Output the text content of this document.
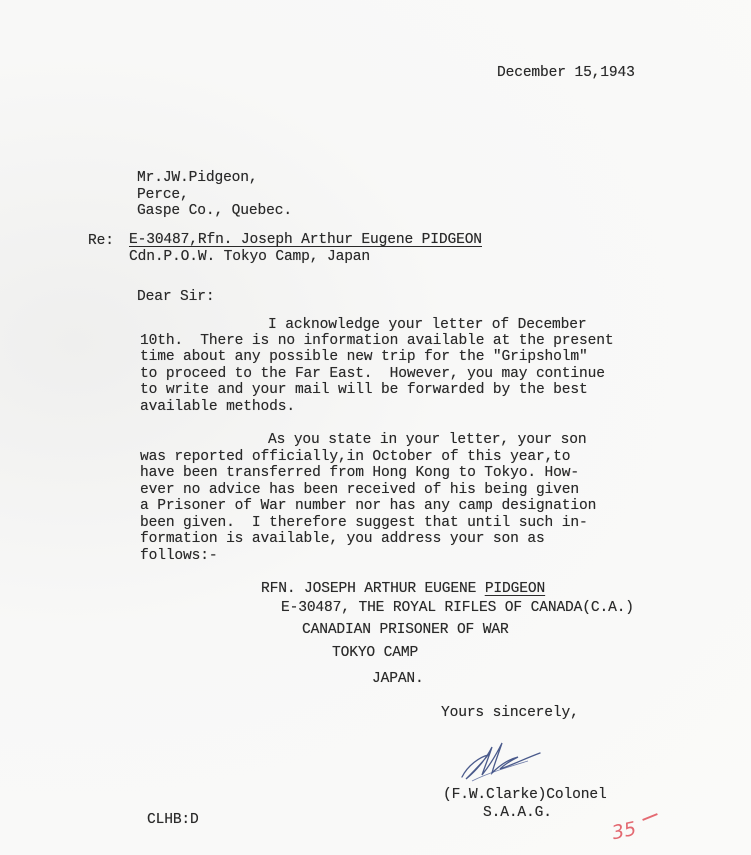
December 15,1943
Mr.JW.Pidgeon,
Perce,
Gaspe Co., Quebec.
Re: E-30487,Rfn. Joseph Arthur Eugene PIDGEON
Cdn.P.O.W. Tokyo Camp, Japan
Dear Sir:
I acknowledge your letter of December
10th.  There is no information available at the present
time about any possible new trip for the "Gripsholm"
to proceed to the Far East.  However, you may continue
to write and your mail will be forwarded by the best
available methods.
As you state in your letter, your son
was reported officially,in October of this year,to
have been transferred from Hong Kong to Tokyo. How-
ever no advice has been received of his being given
a Prisoner of War number nor has any camp designation
been given.  I therefore suggest that until such in-
formation is available, you address your son as
follows:-
RFN. JOSEPH ARTHUR EUGENE PIDGEON
E-30487, THE ROYAL RIFLES OF CANADA(C.A.)
CANADIAN PRISONER OF WAR
TOKYO CAMP
JAPAN.
Yours sincerely,
(F.W.Clarke)Colonel
S.A.A.G.
CLHB:D	35
